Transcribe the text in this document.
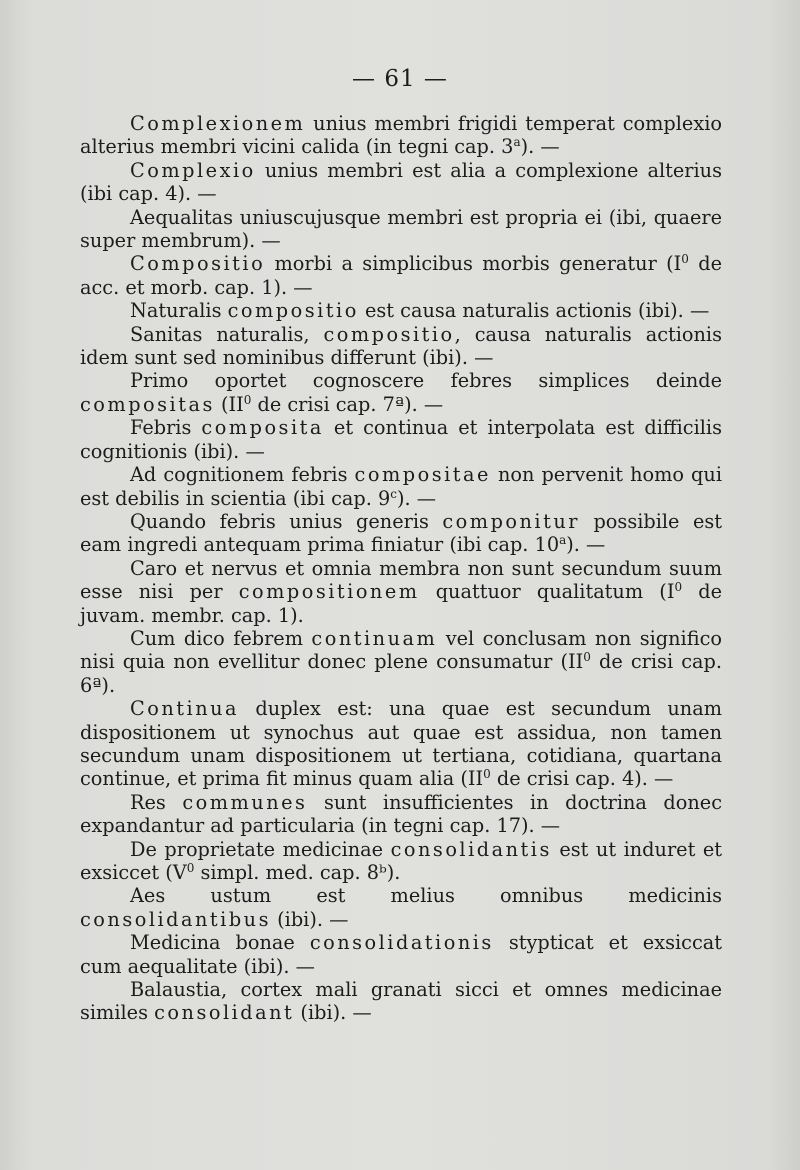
— 61 —

Complexionem unius membri frigidi temperat complexio alterius membri vicini calida (in tegni cap. 3$^a$). —

Complexio unius membri est alia a complexione alterius (ibi cap. 4). —

Aequalitas uniuscujusque membri est propria ei (ibi, quaere super membrum). —

Compositio morbi a simplicibus morbis generatur ($I^0$ de acc. et morb. cap. 1). —

Naturalis compositio est causa naturalis actionis (ibi). —

Sanitas naturalis, compositio, causa naturalis actionis idem sunt sed nominibus differunt (ibi). —

Primo oportet cognoscere febres simplices deinde compositas ($II^0$ de crisi cap. 7ª). —

Febris composita et continua et interpolata est difficilis cognitionis (ibi). —

Ad cognitionem febris compositae non pervenit homo qui est debilis in scientia (ibi cap. 9$^c$). —

Quando febris unius generis componitur possibile est eam ingredi antequam prima finiatur (ibi cap. 10$^a$). —

Caro et nervus et omnia membra non sunt secundum suum esse nisi per compositionem quattuor qualitatum ($I^0$ de juvam. membr. cap. 1).

Cum dico febrem continuam vel conclusam non significo nisi quia non evellitur donec plene consumatur ($II^0$ de crisi cap. 6ª).

Continua duplex est: una quae est secundum unam dispositionem ut synochus aut quae est assidua, non tamen secundum unam dispositionem ut tertiana, cotidiana, quartana continue, et prima fit minus quam alia ($II^0$ de crisi cap. 4). —

Res communes sunt insufficientes in doctrina donec expandantur ad particularia (in tegni cap. 17). —

De proprietate medicinae consolidantis est ut induret et exsiccet ($V^0$ simpl. med. cap. 8ᵇ).

Aes ustum est melius omnibus medicinis consolidantibus (ibi). —

Medicina bonae consolidationis stypticat et exsiccat cum aequalitate (ibi). —

Balaustia, cortex mali granati sicci et omnes medicinae similes consolidant (ibi). —
